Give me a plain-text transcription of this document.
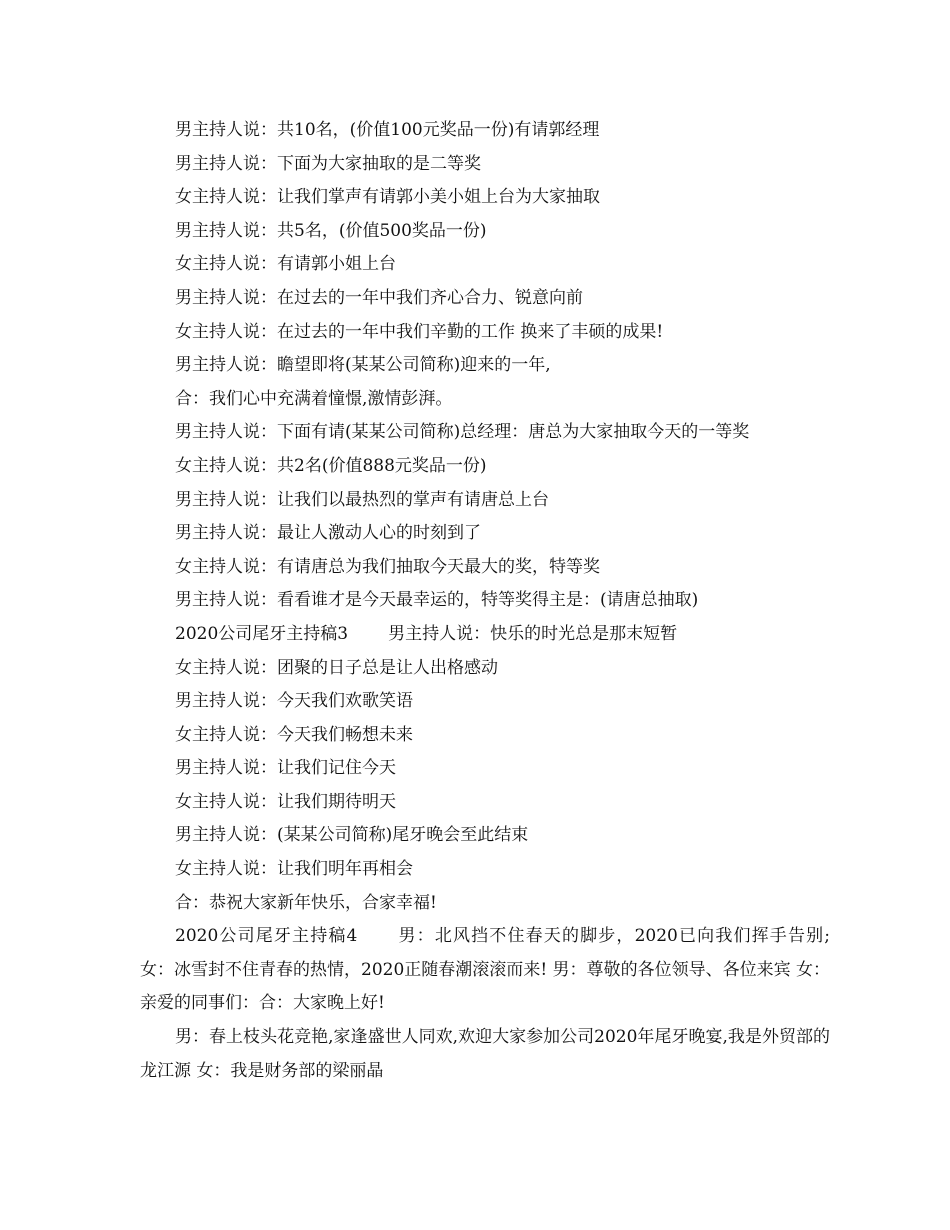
男主持人说：共10名，(价值100元奖品一份)有请郭经理
男主持人说：下面为大家抽取的是二等奖
女主持人说：让我们掌声有请郭小美小姐上台为大家抽取
男主持人说：共5名，(价值500奖品一份)
女主持人说：有请郭小姐上台
男主持人说：在过去的一年中我们齐心合力、锐意向前
女主持人说：在过去的一年中我们辛勤的工作 换来了丰硕的成果!
男主持人说：瞻望即将(某某公司简称)迎来的一年,
合：我们心中充满着憧憬,激情彭湃。
男主持人说：下面有请(某某公司简称)总经理：唐总为大家抽取今天的一等奖
女主持人说：共2名(价值888元奖品一份)
男主持人说：让我们以最热烈的掌声有请唐总上台
男主持人说：最让人激动人心的时刻到了
女主持人说：有请唐总为我们抽取今天最大的奖，特等奖
男主持人说：看看谁才是今天最幸运的，特等奖得主是：(请唐总抽取)
2020公司尾牙主持稿3 男主持人说：快乐的时光总是那末短暂
女主持人说：团聚的日子总是让人出格感动
男主持人说：今天我们欢歌笑语
女主持人说：今天我们畅想未来
男主持人说：让我们记住今天
女主持人说：让我们期待明天
男主持人说：(某某公司简称)尾牙晚会至此结束
女主持人说：让我们明年再相会
合：恭祝大家新年快乐，合家幸福!
2020公司尾牙主持稿4 男：北风挡不住春天的脚步，2020已向我们挥手告别; 女：冰雪封不住青春的热情，2020正随春潮滚滚而来! 男：尊敬的各位领导、各位来宾 女：亲爱的同事们：合：大家晚上好!
男：春上枝头花竞艳,家逢盛世人同欢,欢迎大家参加公司2020年尾牙晚宴,我是外贸部的龙江源 女：我是财务部的梁丽晶
